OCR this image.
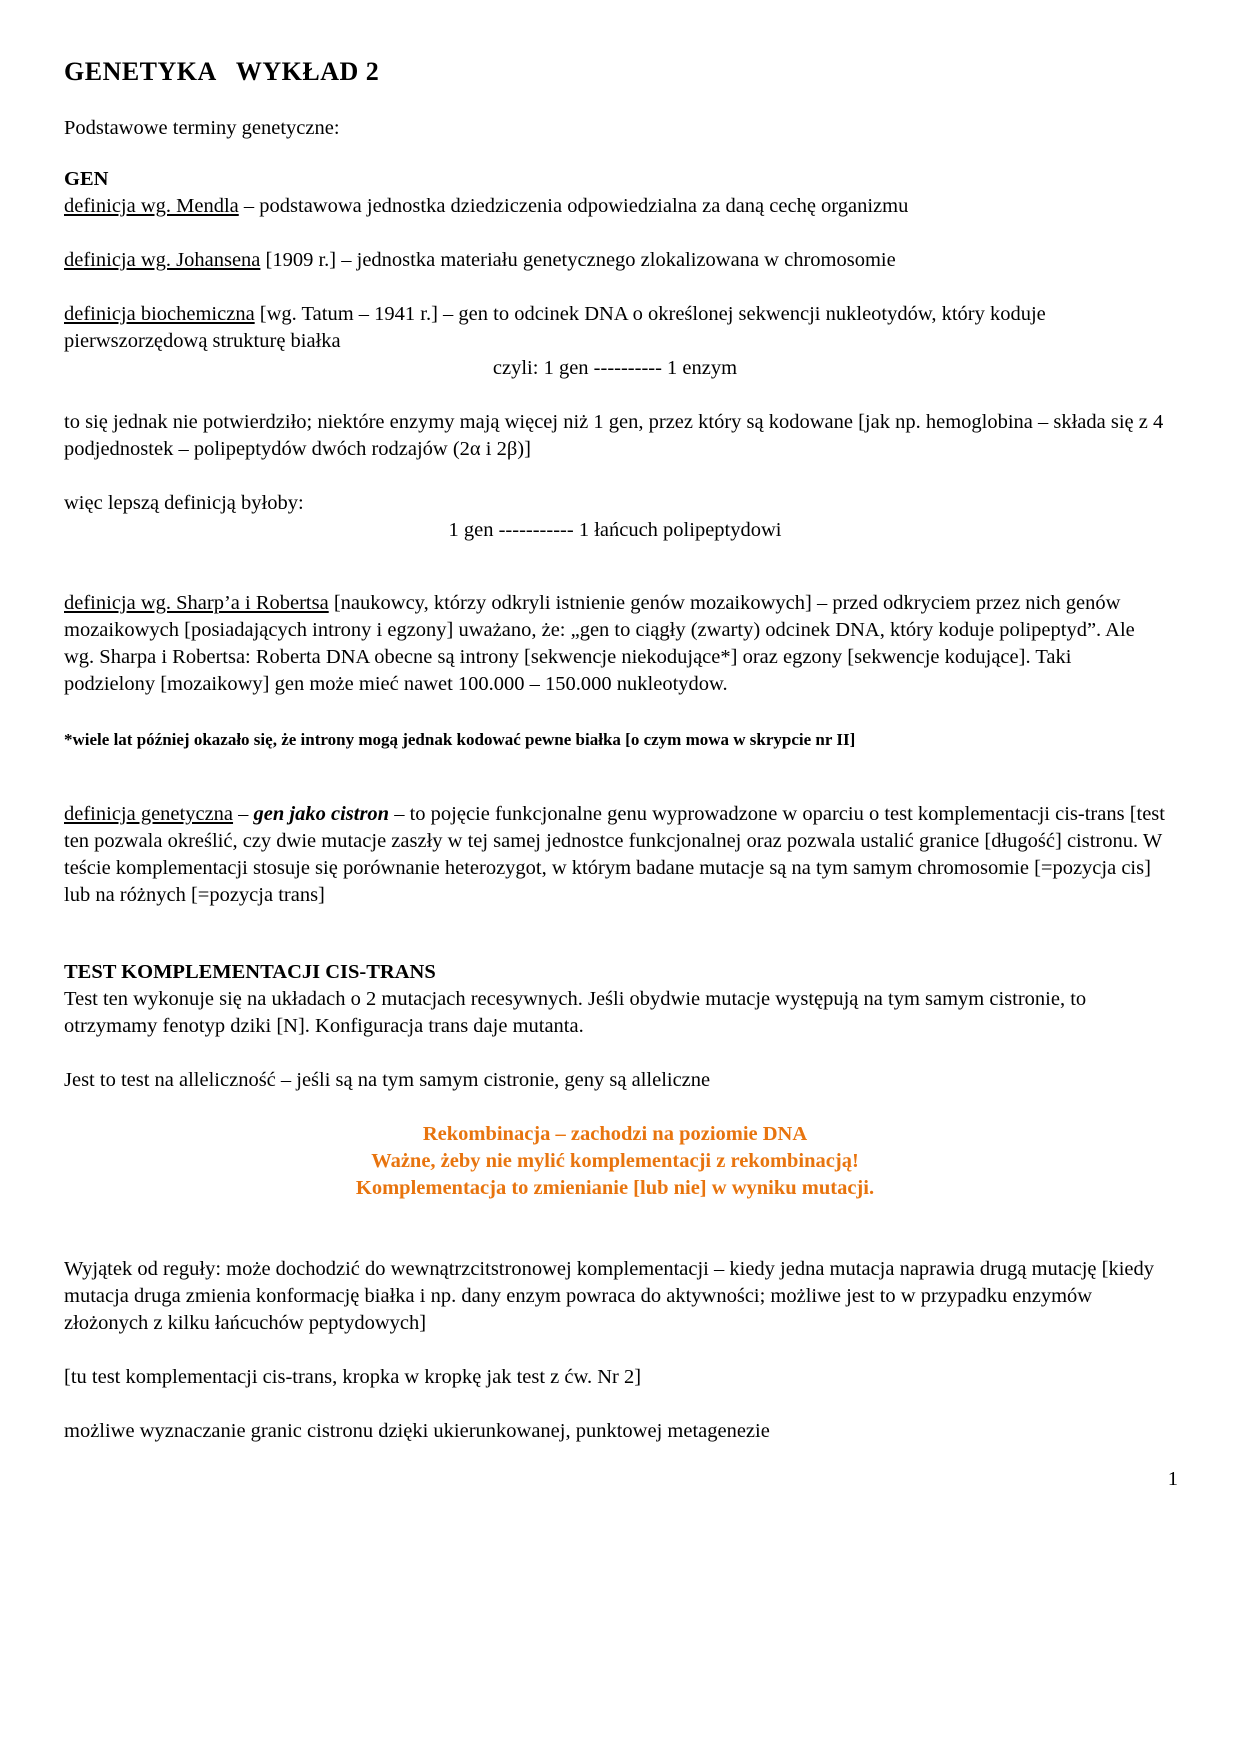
GENETYKA   WYKŁAD 2

Podstawowe terminy genetyczne:

GEN

definicja wg. Mendla – podstawowa jednostka dziedziczenia odpowiedzialna za daną cechę organizmu

definicja wg. Johansena [1909 r.] – jednostka materiału genetycznego zlokalizowana w chromosomie

definicja biochemiczna [wg. Tatum – 1941 r.] – gen to odcinek DNA o określonej sekwencji nukleotydów, który koduje pierwszorzędową strukturę białka

czyli: 1 gen ---------- 1 enzym

to się jednak nie potwierdziło; niektóre enzymy mają więcej niż 1 gen, przez który są kodowane [jak np. hemoglobina – składa się z 4 podjednostek – polipeptydów dwóch rodzajów (2α i 2β)]

więc lepszą definicją byłoby:

1 gen ----------- 1 łańcuch polipeptydowi

definicja wg. Sharp’a i Robertsa [naukowcy, którzy odkryli istnienie genów mozaikowych] – przed odkryciem przez nich genów mozaikowych [posiadających introny i egzony] uważano, że: „gen to ciągły (zwarty) odcinek DNA, który koduje polipeptyd”. Ale wg. Sharpa i Robertsa: Roberta DNA obecne są introny [sekwencje niekodujące*] oraz egzony [sekwencje kodujące]. Taki podzielony [mozaikowy] gen może mieć nawet 100.000 – 150.000 nukleotydow.

*wiele lat później okazało się, że introny mogą jednak kodować pewne białka [o czym mowa w skrypcie nr II]

definicja genetyczna – gen jako cistron – to pojęcie funkcjonalne genu wyprowadzone w oparciu o test komplementacji cis-trans [test ten pozwala określić, czy dwie mutacje zaszły w tej samej jednostce funkcjonalnej oraz pozwala ustalić granice [długość] cistronu. W teście komplementacji stosuje się porównanie heterozygot, w którym badane mutacje są na tym samym chromosomie [=pozycja cis] lub na różnych [=pozycja trans]

TEST KOMPLEMENTACJI CIS-TRANS

Test ten wykonuje się na układach o 2 mutacjach recesywnych. Jeśli obydwie mutacje występują na tym samym cistronie, to otrzymamy fenotyp dziki [N]. Konfiguracja trans daje mutanta.

Jest to test na alleliczność – jeśli są na tym samym cistronie, geny są alleliczne

Rekombinacja – zachodzi na poziomie DNA

Ważne, żeby nie mylić komplementacji z rekombinacją!

Komplementacja to zmienianie [lub nie] w wyniku mutacji.

Wyjątek od reguły: może dochodzić do wewnątrzcitstronowej komplementacji – kiedy jedna mutacja naprawia drugą mutację [kiedy mutacja druga zmienia konformację białka i np. dany enzym powraca do aktywności; możliwe jest to w przypadku enzymów złożonych z kilku łańcuchów peptydowych]

[tu test komplementacji cis-trans, kropka w kropkę jak test z ćw. Nr 2]

możliwe wyznaczanie granic cistronu dzięki ukierunkowanej, punktowej metagenezie

1
